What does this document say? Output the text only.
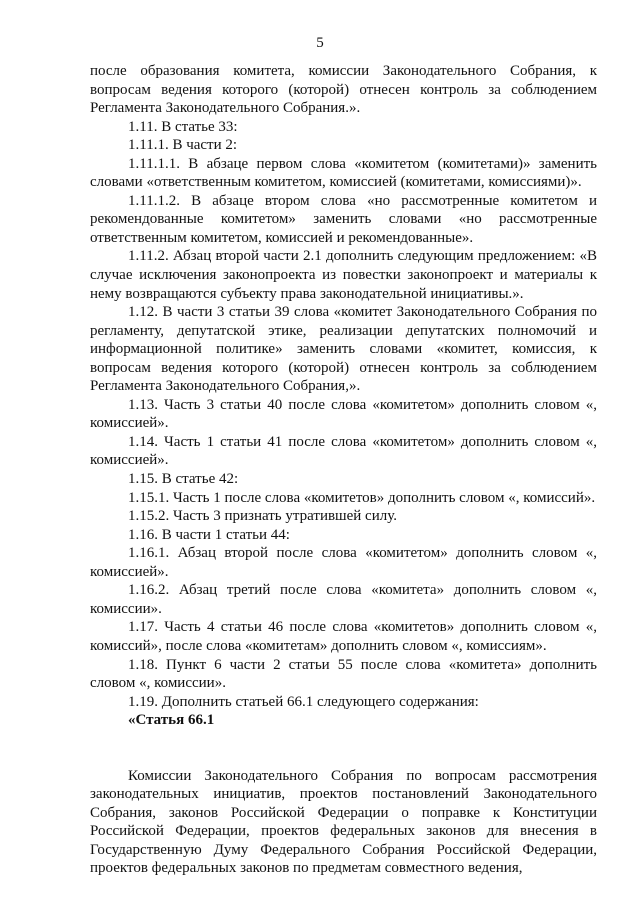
5

после образования комитета, комиссии Законодательного Собрания, к вопросам ведения которого (которой) отнесен контроль за соблюдением Регламента Законодательного Собрания.».

1.11. В статье 33:

1.11.1. В части 2:

1.11.1.1. В абзаце первом слова «комитетом (комитетами)» заменить словами «ответственным комитетом, комиссией (комитетами, комиссиями)».

1.11.1.2. В абзаце втором слова «но рассмотренные комитетом и рекомендованные комитетом» заменить словами «но рассмотренные ответственным комитетом, комиссией и рекомендованные».

1.11.2. Абзац второй части 2.1 дополнить следующим предложением: «В случае исключения законопроекта из повестки законопроект и материалы к нему возвращаются субъекту права законодательной инициативы.».

1.12. В части 3 статьи 39 слова «комитет Законодательного Собрания по регламенту, депутатской этике, реализации депутатских полномочий и информационной политике» заменить словами «комитет, комиссия, к вопросам ведения которого (которой) отнесен контроль за соблюдением Регламента Законодательного Собрания,».

1.13. Часть 3 статьи 40 после слова «комитетом» дополнить словом «, комиссией».

1.14. Часть 1 статьи 41 после слова «комитетом» дополнить словом «, комиссией».

1.15. В статье 42:

1.15.1. Часть 1 после слова «комитетов» дополнить словом «, комиссий».

1.15.2. Часть 3 признать утратившей силу.

1.16. В части 1 статьи 44:

1.16.1. Абзац второй после слова «комитетом» дополнить словом «, комиссией».

1.16.2. Абзац третий после слова «комитета» дополнить словом «, комиссии».

1.17. Часть 4 статьи 46 после слова «комитетов» дополнить словом «, комиссий», после слова «комитетам» дополнить словом «, комиссиям».

1.18. Пункт 6 части 2 статьи 55 после слова «комитета» дополнить словом «, комиссии».

1.19. Дополнить статьей 66.1 следующего содержания:

«Статья 66.1

Комиссии Законодательного Собрания по вопросам рассмотрения законодательных инициатив, проектов постановлений Законодательного Собрания, законов Российской Федерации о поправке к Конституции Российской Федерации, проектов федеральных законов для внесения в Государственную Думу Федерального Собрания Российской Федерации, проектов федеральных законов по предметам совместного ведения,
